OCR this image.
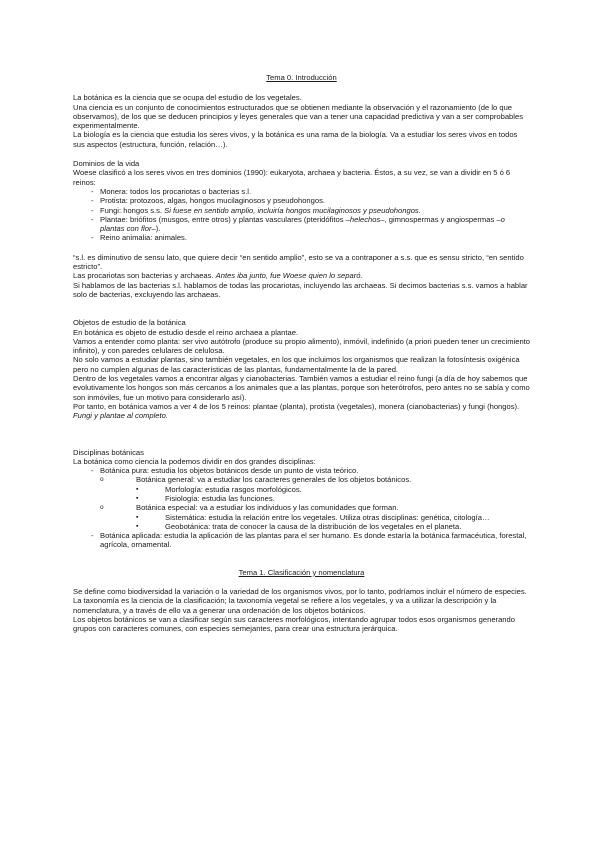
Tema 0. Introducción

La botánica es la ciencia que se ocupa del estudio de los vegetales.

Una ciencia es un conjunto de conocimientos estructurados que se obtienen mediante la observación y el razonamiento (de lo que observamos), de los que se deducen principios y leyes generales que van a tener una capacidad predictiva y van a ser comprobables experimentalmente.

La biología es la ciencia que estudia los seres vivos, y la botánica es una rama de la biología. Va a estudiar los seres vivos en todos sus aspectos (estructura, función, relación…).

Dominios de la vida

Woese clasificó a los seres vivos en tres dominios (1990): eukaryota, archaea y bacteria. Éstos, a su vez, se van a dividir en 5 ó 6 reinos:

- Monera: todos los procariotas o bacterias s.l.
- Protista: protozoos, algas, hongos mucilaginosos y pseudohongos.
- Fungi: hongos s.s. Si fuese en sentido amplio, incluiría hongos mucilaginosos y pseudohongos.
- Plantae: briófitos (musgos, entre otros) y plantas vasculares (pteridófitos –helechos–, gimnospermas y angiospermas –o plantas con flor–).
- Reino animalia: animales.

“s.l. es diminutivo de sensu lato, que quiere decir “en sentido amplio”, esto se va a contraponer a s.s. que es sensu stricto, “en sentido estricto”.

Las procariotas son bacterias y archaeas. Antes iba junto, fue Woese quien lo separó.

Si hablamos de las bacterias s.l. hablamos de todas las procariotas, incluyendo las archaeas. Si decimos bacterias s.s. vamos a hablar solo de bacterias, excluyendo las archaeas.

Objetos de estudio de la botánica

En botánica es objeto de estudio desde el reino archaea a plantae.

Vamos a entender como planta: ser vivo autótrofo (produce su propio alimento), inmóvil, indefinido (a priori pueden tener un crecimiento infinito), y con paredes celulares de celulosa.

No solo vamos a estudiar plantas, sino también vegetales, en los que incluimos los organismos que realizan la fotosíntesis oxigénica pero no cumplen algunas de las características de las plantas, fundamentalmente la de la pared.

Dentro de los vegetales vamos a encontrar algas y cianobacterias. También vamos a estudiar el reino fungi (a día de hoy sabemos que evolutivamente los hongos son más cercanos a los animales que a las plantas, porque son heterótrofos, pero antes no se sabía y como son inmóviles, fue un motivo para considerarlo así).

Por tanto, en botánica vamos a ver 4 de los 5 reinos: plantae (planta), protista (vegetales), monera (cianobacterias) y fungi (hongos). Fungi y plantae al completo.

Disciplinas botánicas

La botánica como ciencia la podemos dividir en dos grandes disciplinas:

- Botánica pura: estudia los objetos botánicos desde un punto de vista teórico.
o Botánica general: va a estudiar los caracteres generales de los objetos botánicos.
▪ Morfología: estudia rasgos morfológicos.
▪ Fisiología: estudia las funciones.
o Botánica especial: va a estudiar los individuos y las comunidades que forman.
▪ Sistemática: estudia la relación entre los vegetales. Utiliza otras disciplinas: genética, citología…
▪ Geobotánica: trata de conocer la causa de la distribución de los vegetales en el planeta.
- Botánica aplicada: estudia la aplicación de las plantas para el ser humano. Es donde estaría la botánica farmacéutica, forestal, agrícola, ornamental.

Tema 1. Clasificación y nomenclatura

Se define como biodiversidad la variación o la variedad de los organismos vivos, por lo tanto, podríamos incluir el número de especies.

La taxonomía es la ciencia de la clasificación; la taxonomía vegetal se refiere a los vegetales, y va a utilizar la descripción y la nomenclatura, y a través de ello va a generar una ordenación de los objetos botánicos.

Los objetos botánicos se van a clasificar según sus caracteres morfológicos, intentando agrupar todos esos organismos generando grupos con caracteres comunes, con especies semejantes, para crear una estructura jerárquica.
